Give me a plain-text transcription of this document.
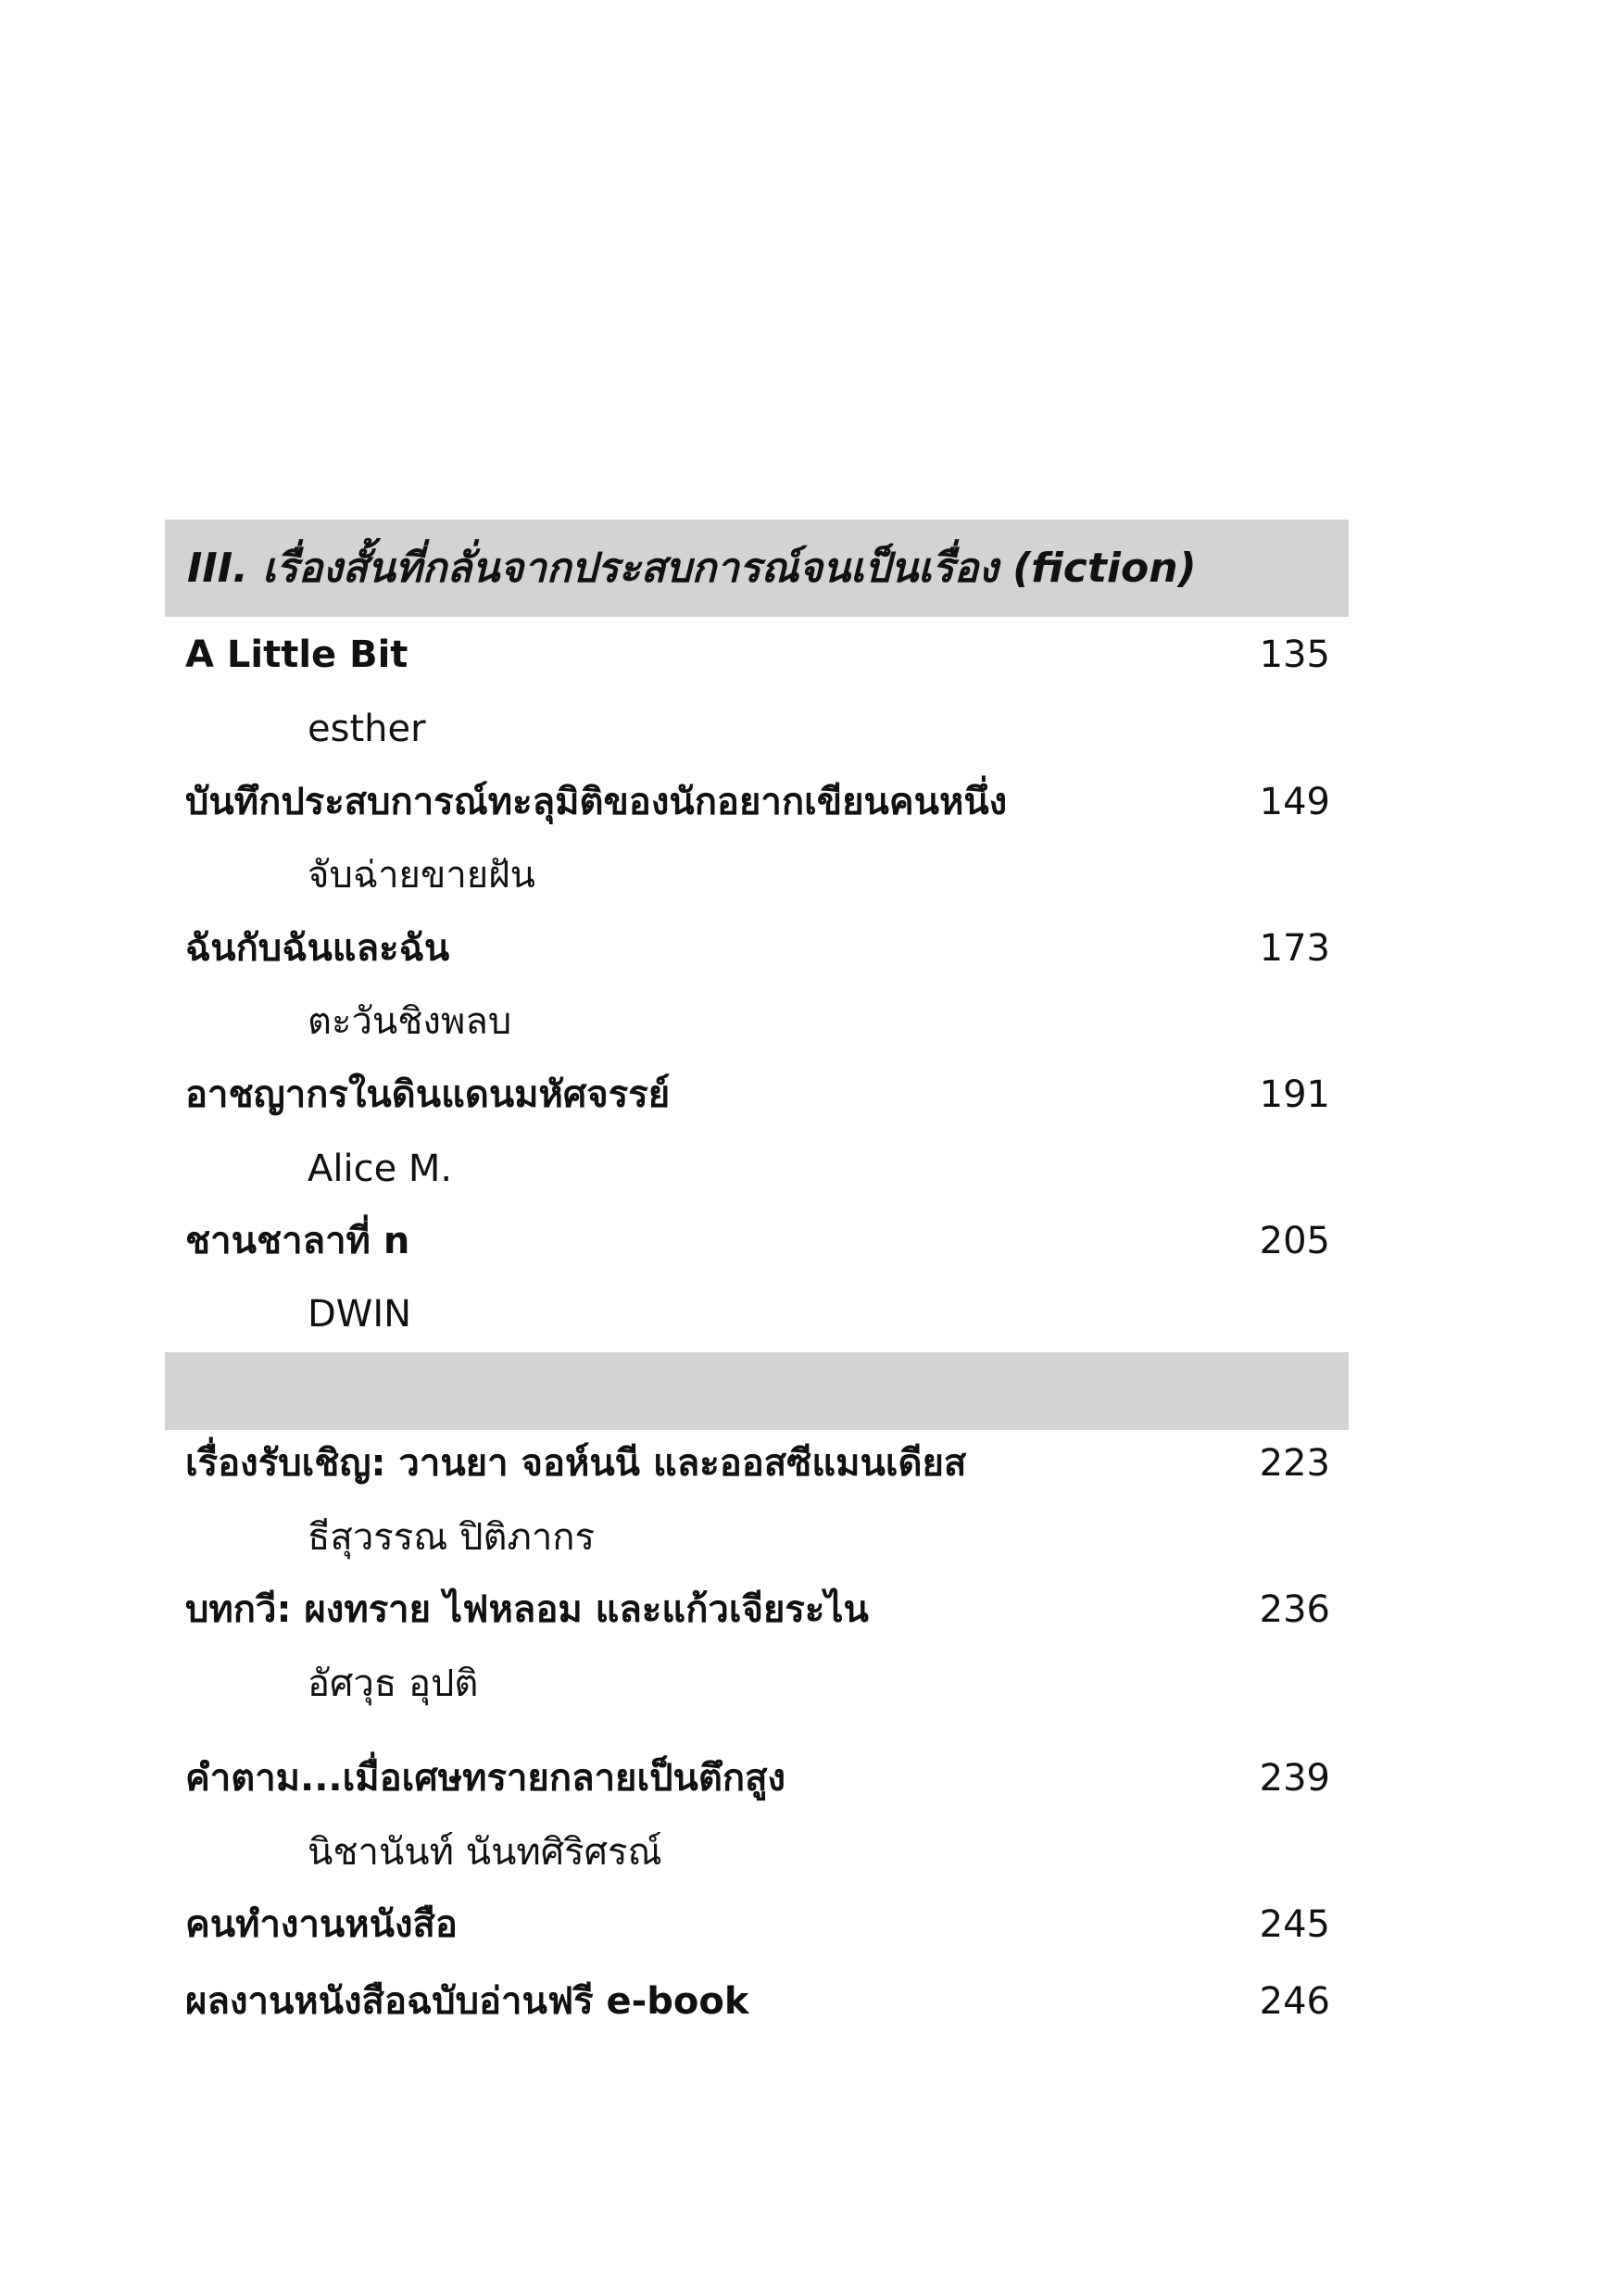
III. เรื่องสั้นที่กลั่นจากประสบการณ์จนเป็นเรื่อง (fiction)
A Little Bit	135
esther
บันทึกประสบการณ์ทะลุมิติของนักอยากเขียนคนหนึ่ง	149
จับฉ่ายขายฝัน
ฉันกับฉันและฉัน	173
ตะวันชิงพลบ
อาชญากรในดินแดนมหัศจรรย์	191
Alice M.
ชานชาลาที่ n	205
DWIN
เรื่องรับเชิญ: วานยา จอห์นนี และออสซีแมนเดียส	223
ธีสุวรรณ ปิติภากร
บทกวี: ผงทราย ไฟหลอม และแก้วเจียระไน	236
อัศวุธ อุปติ
คำตาม...เมื่อเศษทรายกลายเป็นตึกสูง	239
นิชานันท์ นันทศิริศรณ์
คนทำงานหนังสือ	245
ผลงานหนังสือฉบับอ่านฟรี e-book	246
